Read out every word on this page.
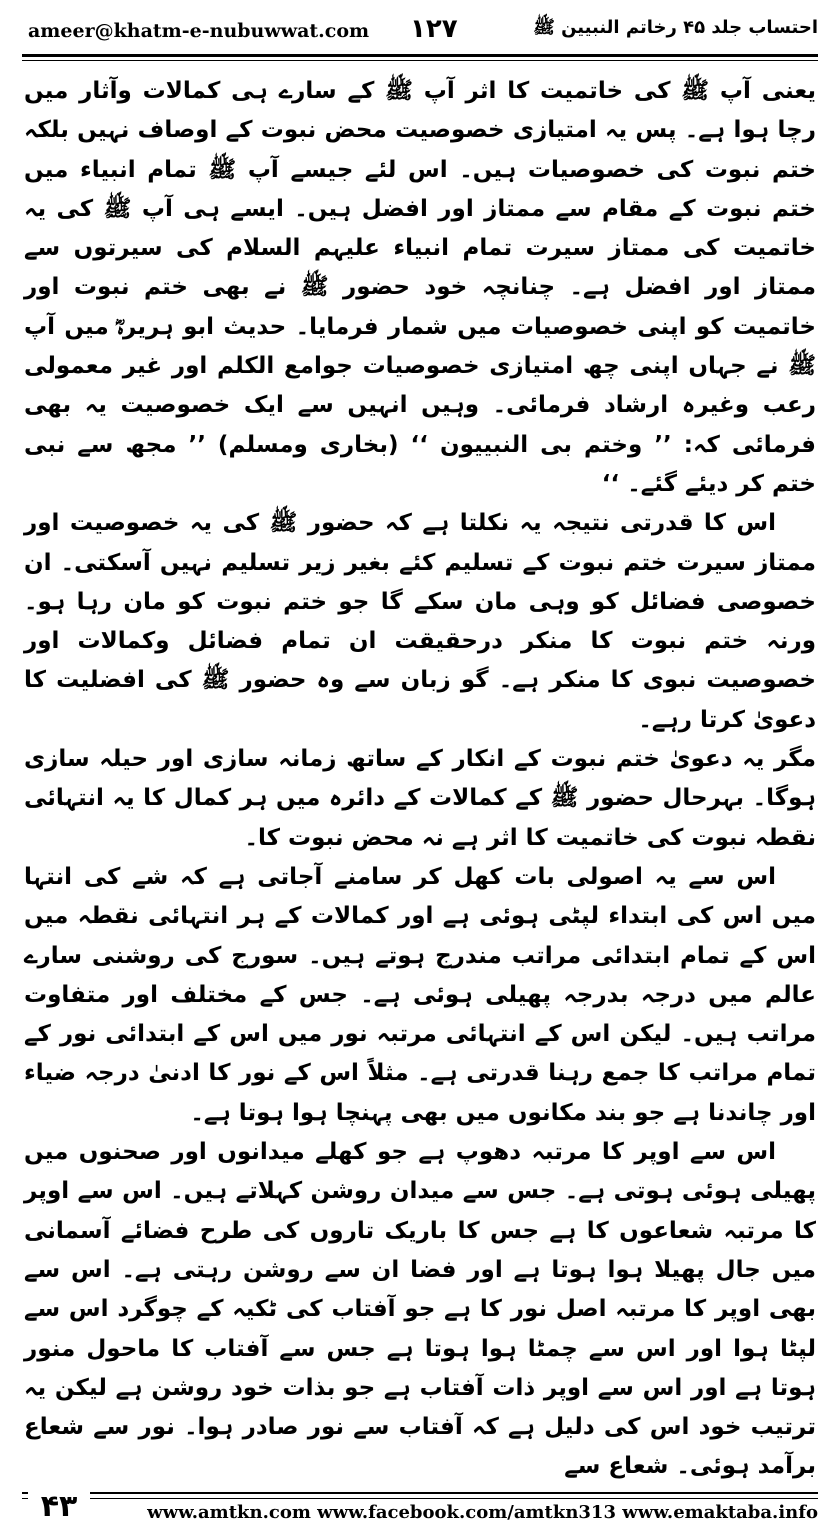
ameer@khatm-e-nubuwwat.com ۱۲۷	احتساب جلد ۴۵ رخاتم النبیین ﷺ

یعنی آپ ﷺ کی خاتمیت کا اثر آپ ﷺ کے سارے ہی کمالات وآثار میں رچا ہوا ہے۔ پس یہ امتیازی خصوصیت محض نبوت کے اوصاف نہیں بلکہ ختم نبوت کی خصوصیات ہیں۔ اس لئے جیسے آپ ﷺ تمام انبیاء میں ختم نبوت کے مقام سے ممتاز اور افضل ہیں۔ ایسے ہی آپ ﷺ کی یہ خاتمیت کی ممتاز سیرت تمام انبیاء علیہم السلام کی سیرتوں سے ممتاز اور افضل ہے۔ چنانچہ خود حضور ﷺ نے بھی ختم نبوت اور خاتمیت کو اپنی خصوصیات میں شمار فرمایا۔ حدیث ابو ہریرہؓ میں آپ ﷺ نے جہاں اپنی چھ امتیازی خصوصیات جوامع الکلم اور غیر معمولی رعب وغیرہ ارشاد فرمائی۔ وہیں انہیں سے ایک خصوصیت یہ بھی فرمائی کہ: ’’ وختم بی النبییون ‘‘ (بخاری ومسلم) ’’ مجھ سے نبی ختم کر دیئے گئے۔ ‘‘

اس کا قدرتی نتیجہ یہ نکلتا ہے کہ حضور ﷺ کی یہ خصوصیت اور ممتاز سیرت ختم نبوت کے تسلیم کئے بغیر زیر تسلیم نہیں آسکتی۔ ان خصوصی فضائل کو وہی مان سکے گا جو ختم نبوت کو مان رہا ہو۔ ورنہ ختم نبوت کا منکر درحقیقت ان تمام فضائل وکمالات اور خصوصیت نبوی کا منکر ہے۔ گو زبان سے وہ حضور ﷺ کی افضلیت کا دعویٰ کرتا رہے۔

مگر یہ دعویٰ ختم نبوت کے انکار کے ساتھ زمانہ سازی اور حیلہ سازی ہوگا۔ بہرحال حضور ﷺ کے کمالات کے دائرہ میں ہر کمال کا یہ انتہائی نقطہ نبوت کی خاتمیت کا اثر ہے نہ محض نبوت کا۔

اس سے یہ اصولی بات کھل کر سامنے آجاتی ہے کہ شے کی انتہا میں اس کی ابتداء لپٹی ہوئی ہے اور کمالات کے ہر انتہائی نقطہ میں اس کے تمام ابتدائی مراتب مندرج ہوتے ہیں۔ سورج کی روشنی سارے عالم میں درجہ بدرجہ پھیلی ہوئی ہے۔ جس کے مختلف اور متفاوت مراتب ہیں۔ لیکن اس کے انتہائی مرتبہ نور میں اس کے ابتدائی نور کے تمام مراتب کا جمع رہنا قدرتی ہے۔ مثلاً اس کے نور کا ادنیٰ درجہ ضیاء اور چاندنا ہے جو بند مکانوں میں بھی پہنچا ہوا ہوتا ہے۔

اس سے اوپر کا مرتبہ دھوپ ہے جو کھلے میدانوں اور صحنوں میں پھیلی ہوئی ہوتی ہے۔ جس سے میدان روشن کہلاتے ہیں۔ اس سے اوپر کا مرتبہ شعاعوں کا ہے جس کا باریک تاروں کی طرح فضائے آسمانی میں جال پھیلا ہوا ہوتا ہے اور فضا ان سے روشن رہتی ہے۔ اس سے بھی اوپر کا مرتبہ اصل نور کا ہے جو آفتاب کی ٹکیہ کے چوگرد اس سے لپٹا ہوا اور اس سے چمٹا ہوا ہوتا ہے جس سے آفتاب کا ماحول منور ہوتا ہے اور اس سے اوپر ذات آفتاب ہے جو بذات خود روشن ہے لیکن یہ ترتیب خود اس کی دلیل ہے کہ آفتاب سے نور صادر ہوا۔ نور سے شعاع برآمد ہوئی۔ شعاع سے

۴۳	www.amtkn.com www.facebook.com/amtkn313 www.emaktaba.info
